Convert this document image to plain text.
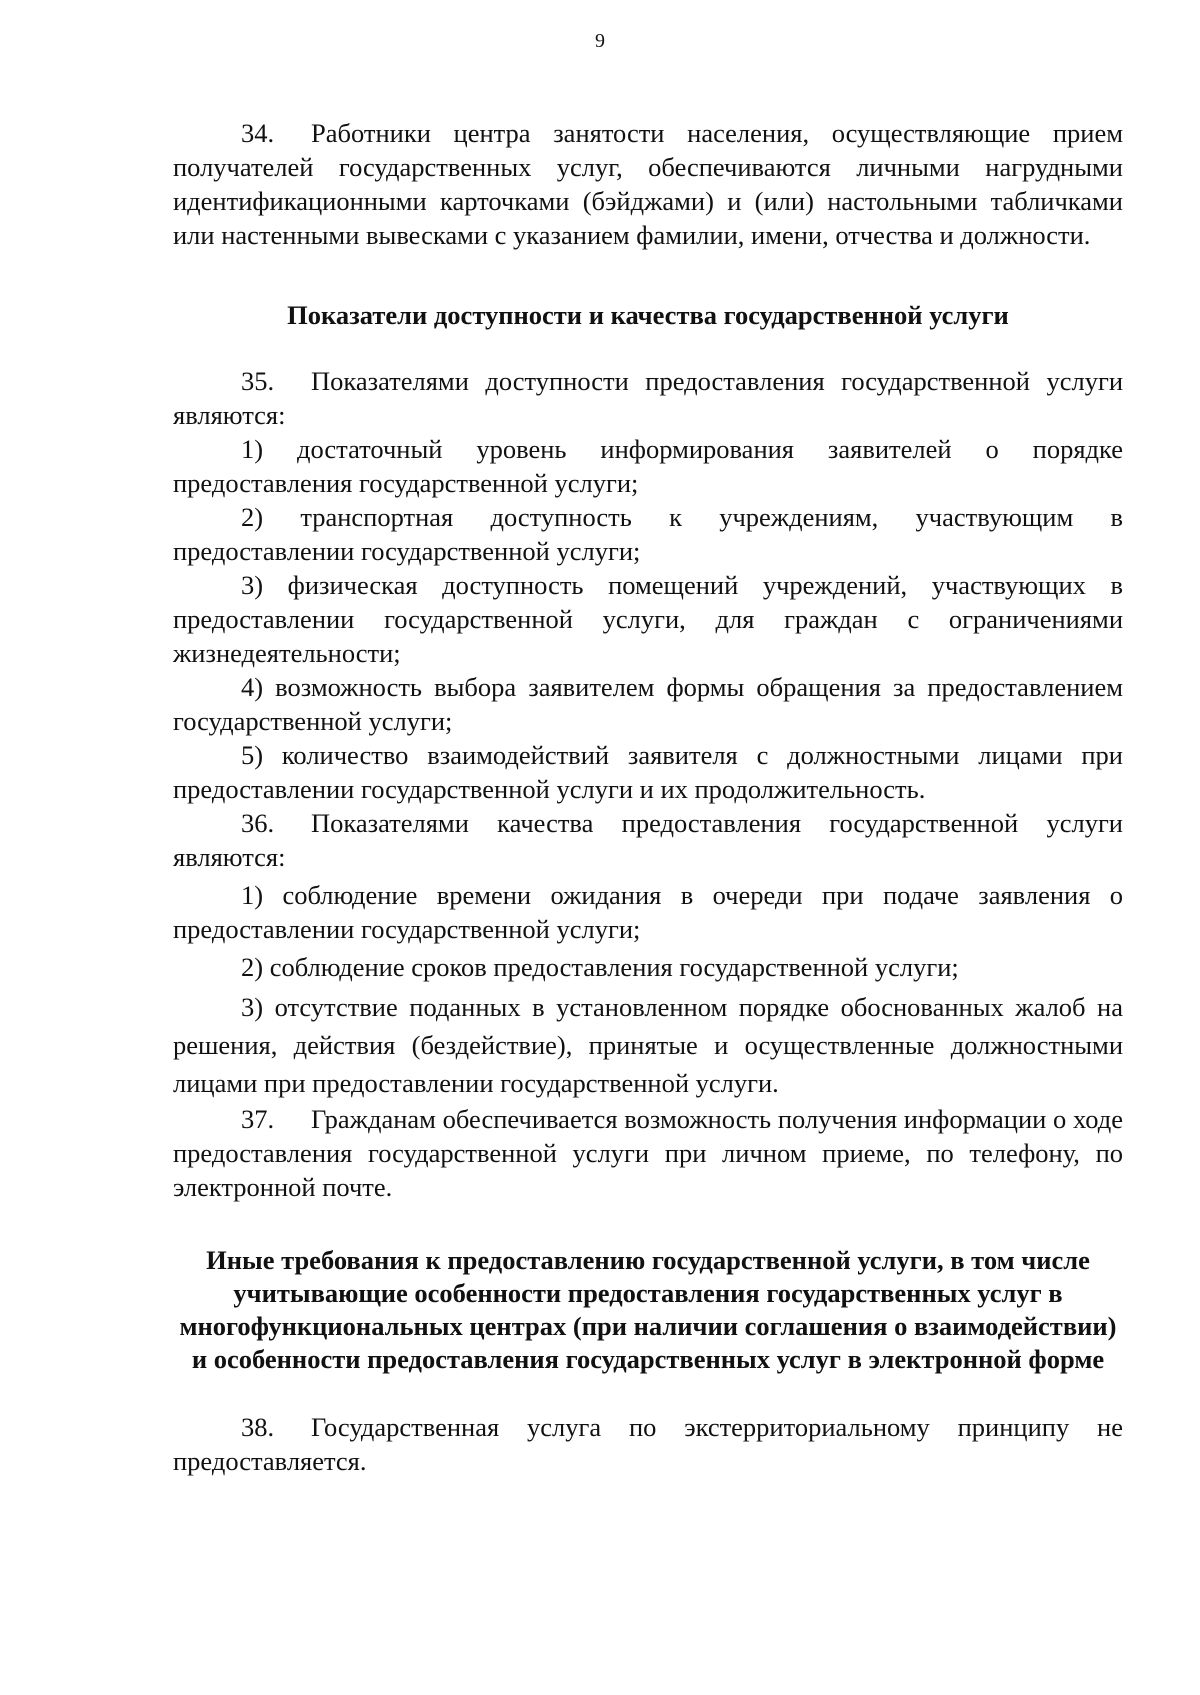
9

34. Работники центра занятости населения, осуществляющие прием получателей государственных услуг, обеспечиваются личными нагрудными идентификационными карточками (бэйджами) и (или) настольными табличками или настенными вывесками с указанием фамилии, имени, отчества и должности.

Показатели доступности и качества государственной услуги

35. Показателями доступности предоставления государственной услуги являются:

1) достаточный уровень информирования заявителей о порядке предоставления государственной услуги;

2) транспортная доступность к учреждениям, участвующим в предоставлении государственной услуги;

3) физическая доступность помещений учреждений, участвующих в предоставлении государственной услуги, для граждан с ограничениями жизнедеятельности;

4) возможность выбора заявителем формы обращения за предоставлением государственной услуги;

5) количество взаимодействий заявителя с должностными лицами при предоставлении государственной услуги и их продолжительность.

36. Показателями качества предоставления государственной услуги являются:

1) соблюдение времени ожидания в очереди при подаче заявления о предоставлении государственной услуги;

2) соблюдение сроков предоставления государственной услуги;

3) отсутствие поданных в установленном порядке обоснованных жалоб на решения, действия (бездействие), принятые и осуществленные должностными лицами при предоставлении государственной услуги.

37. Гражданам обеспечивается возможность получения информации о ходе предоставления государственной услуги при личном приеме, по телефону, по электронной почте.

Иные требования к предоставлению государственной услуги, в том числе учитывающие особенности предоставления государственных услуг в многофункциональных центрах (при наличии соглашения о взаимодействии) и особенности предоставления государственных услуг в электронной форме

38. Государственная услуга по экстерриториальному принципу не предоставляется.
